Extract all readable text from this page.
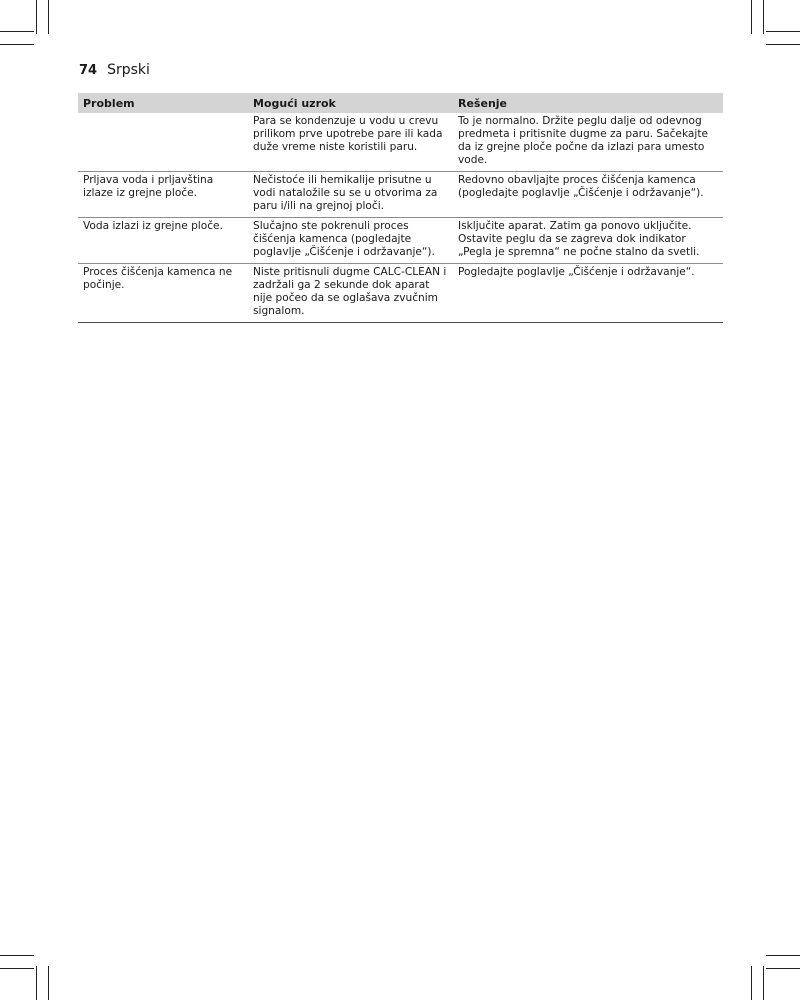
74 Srpski
Problem	Mogući uzrok	Rešenje
	Para se kondenzuje u vodu u crevu prilikom prve upotrebe pare ili kada duže vreme niste koristili paru.	To je normalno. Držite peglu dalje od odevnog predmeta i pritisnite dugme za paru. Sačekajte da iz grejne ploče počne da izlazi para umesto vode.
Prljava voda i prljavština izlaze iz grejne ploče.	Nečistoće ili hemikalije prisutne u vodi nataložile su se u otvorima za paru i/ili na grejnoj ploči.	Redovno obavljajte proces čišćenja kamenca (pogledajte poglavlje „Čišćenje i održavanje“).
Voda izlazi iz grejne ploče.	Slučajno ste pokrenuli proces čišćenja kamenca (pogledajte poglavlje „Čišćenje i održavanje“).	Isključite aparat. Zatim ga ponovo uključite. Ostavite peglu da se zagreva dok indikator „Pegla je spremna“ ne počne stalno da svetli.
Proces čišćenja kamenca ne počinje.	Niste pritisnuli dugme CALC-CLEAN i zadržali ga 2 sekunde dok aparat nije počeo da se oglašava zvučnim signalom.	Pogledajte poglavlje „Čišćenje i održavanje“.
